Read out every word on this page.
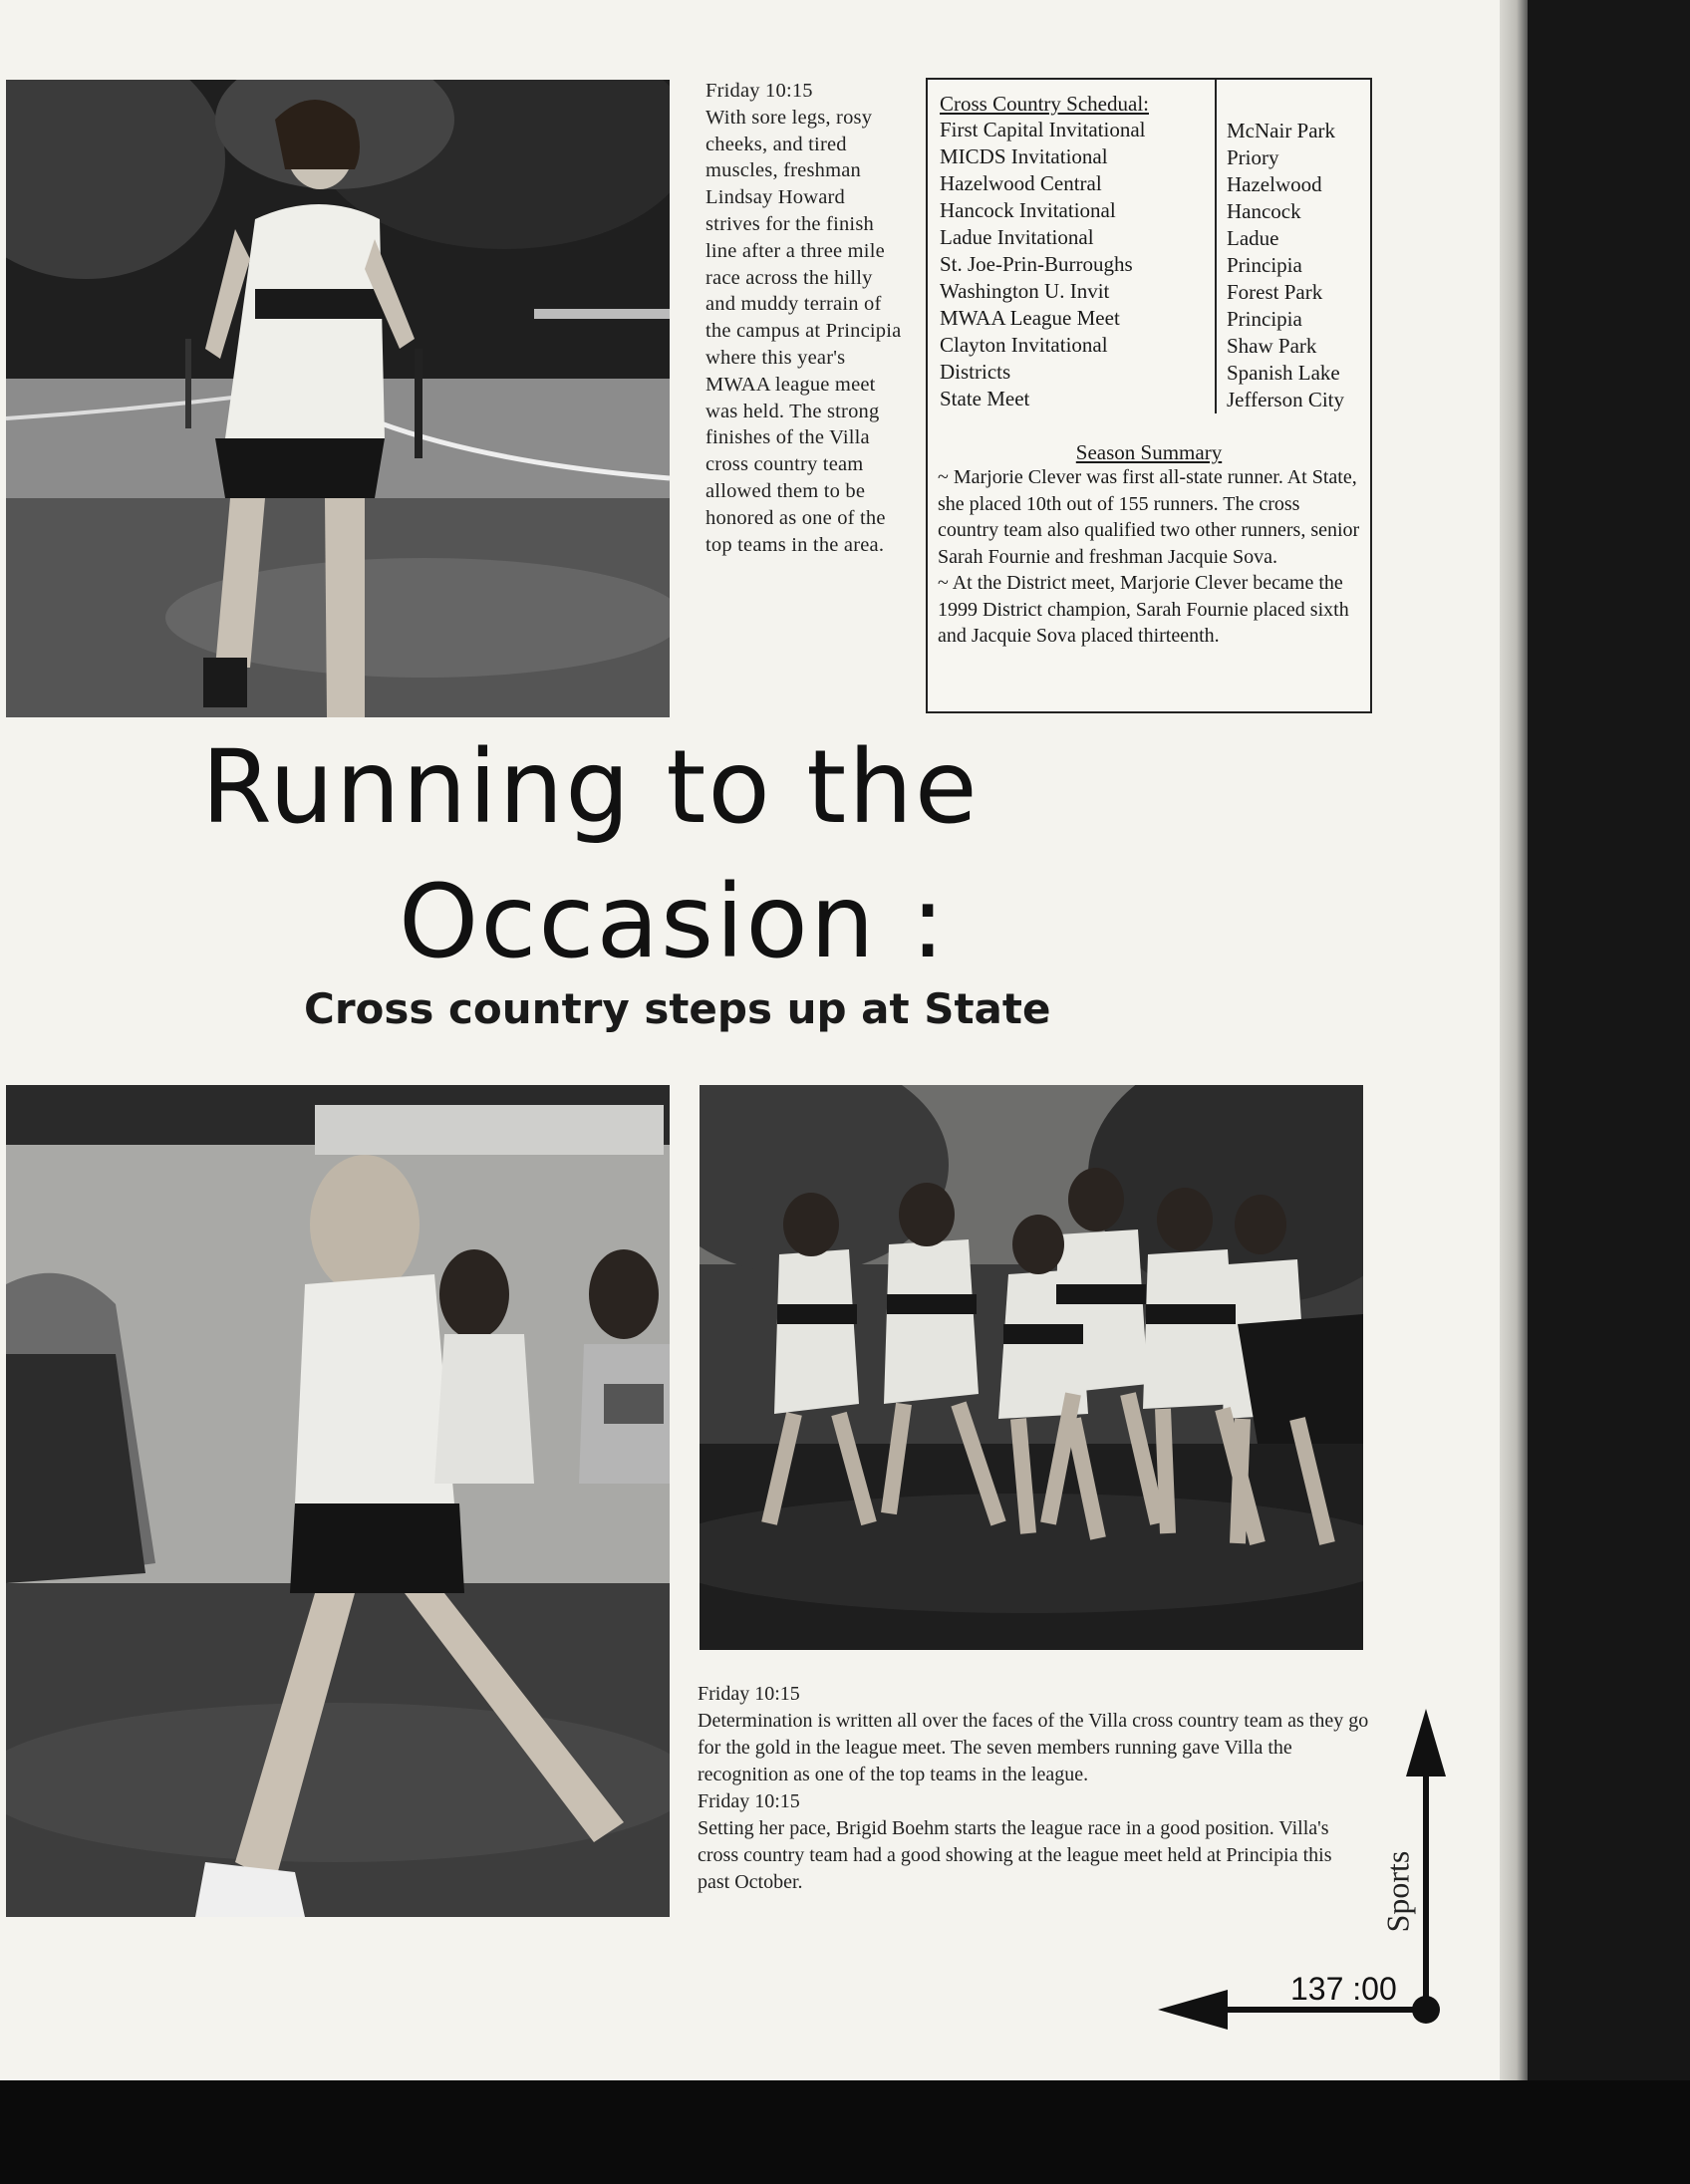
Friday 10:15
With sore legs, rosy cheeks, and tired muscles, freshman Lindsay Howard strives for the finish line after a three mile race across the hilly and muddy terrain of the campus at Principia where this year's MWAA league meet was held. The strong finishes of the Villa cross country team allowed them to be honored as one of the top teams in the area.
Cross Country Schedual:
First Capital Invitational
MICDS Invitational
Hazelwood Central
Hancock Invitational
Ladue Invitational
St. Joe-Prin-Burroughs
Washington U. Invit
MWAA League Meet
Clayton Invitational
Districts
State Meet
McNair Park
Priory
Hazelwood
Hancock
Ladue
Principia
Forest Park
Principia
Shaw Park
Spanish Lake
Jefferson City
Season Summary

~ Marjorie Clever was first all-state runner. At State, she placed 10th out of 155 runners. The cross country team also qualified two other runners, senior Sarah Fournie and freshman Jacquie Sova.

~ At the District meet, Marjorie Clever became the 1999 District champion, Sarah Fournie placed sixth and Jacquie Sova placed thirteenth.

Running to the
Occasion :
Cross country steps up at State
Friday 10:15
Determination is written all over the faces of the Villa cross country team as they go for the gold in the league meet. The seven members running gave Villa the recognition as one of the top teams in the league.
Friday 10:15
Setting her pace, Brigid Boehm starts the league race in a good position. Villa's cross country team had a good showing at the league meet held at Principia this past October.	Sports
137 :00
